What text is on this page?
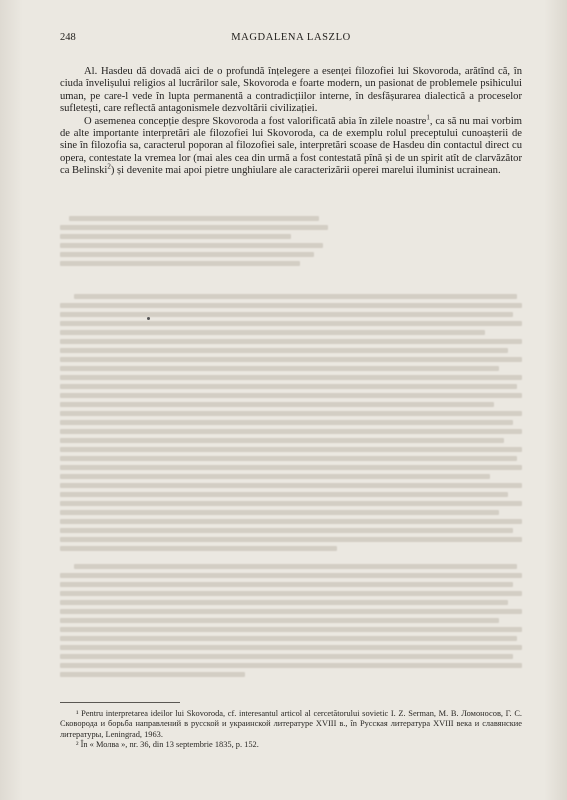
248	MAGDALENA LASZLO

Al. Hasdeu dă dovadă aici de o profundă înțelegere a esenței filozofiei lui Skovoroda, arătînd că, în ciuda învelișului religios al lucrărilor sale, Skovoroda e foarte modern, un pasionat de problemele psihicului uman, pe care-l vede în lupta permanentă a contradicțiilor interne, în desfășurarea dialectică a proceselor sufletești, care reflectă antagonismele dezvoltării civilizației.

O asemenea concepție despre Skovoroda a fost valorificată abia în zilele noastre$^1$, ca să nu mai vorbim de alte importante interpretări ale filozofiei lui Skovoroda, ca de exemplu rolul preceptului cunoașterii de sine în filozofia sa, caracterul poporan al filozofiei sale, interpretări scoase de Hasdeu din contactul direct cu opera, contestate la vremea lor (mai ales cea din urmă a fost contestată pînă și de un spirit atît de clarvăzător ca Belinski$^2$) și devenite mai apoi pietre unghiulare ale caracterizării operei marelui iluminist ucrainean.

¹ Pentru interpretarea ideilor lui Skovoroda, cf. interesantul articol al cercetătorului sovietic I. Z. Serman, М. В. Ломоносов, Г. С. Сковорода и борьба направлений в русской и украинской литературе XVIII в., în Русская литература XVIII века и славянские литературы, Leningrad, 1963.

² În « Молва », nr. 36, din 13 septembrie 1835, p. 152.
